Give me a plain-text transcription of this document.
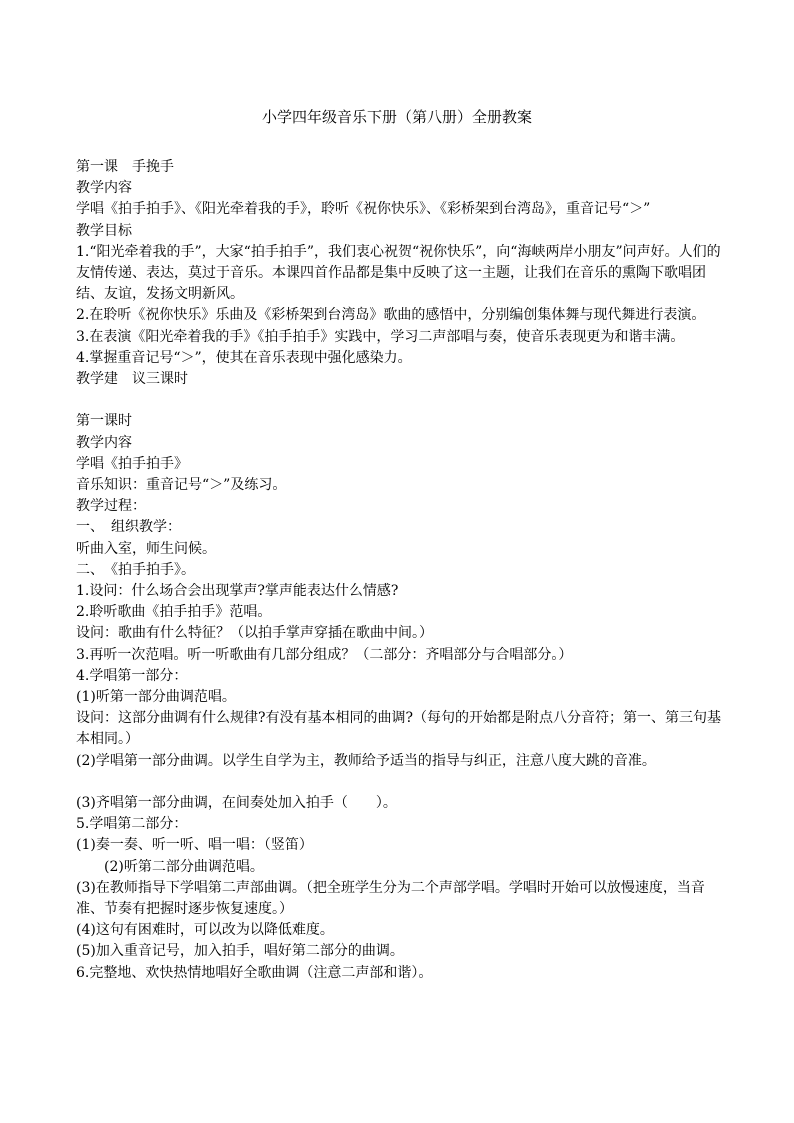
小学四年级音乐下册（第八册）全册教案
第一课　手挽手
教学内容
学唱《拍手拍手》、《阳光牵着我的手》，聆听《祝你快乐》、《彩桥架到台湾岛》，重音记号“＞”
教学目标
1.“阳光牵着我的手”，大家“拍手拍手”，我们衷心祝贺“祝你快乐”，向“海峡两岸小朋友”问声好。人们的友情传递、表达，莫过于音乐。本课四首作品都是集中反映了这一主题，让我们在音乐的熏陶下歌唱团结、友谊，发扬文明新风。
2.在聆听《祝你快乐》乐曲及《彩桥架到台湾岛》歌曲的感悟中，分别编创集体舞与现代舞进行表演。
3.在表演《阳光牵着我的手》《拍手拍手》实践中，学习二声部唱与奏，使音乐表现更为和谐丰满。
4.掌握重音记号“＞”，使其在音乐表现中强化感染力。
教学建　议三课时
第一课时
教学内容
学唱《拍手拍手》
音乐知识：重音记号“＞”及练习。
教学过程：
一、　组织教学：
听曲入室，师生问候。
二、　《拍手拍手》。
1.设问：什么场合会出现掌声?掌声能表达什么情感?
2.聆听歌曲《拍手拍手》范唱。
设问：歌曲有什么特征？（以拍手掌声穿插在歌曲中间。）
3.再听一次范唱。听一听歌曲有几部分组成？（二部分：齐唱部分与合唱部分。）
4.学唱第一部分：
(1)听第一部分曲调范唱。
设问：这部分曲调有什么规律?有没有基本相同的曲调?（每句的开始都是附点八分音符；第一、第三句基本相同。）
(2)学唱第一部分曲调。以学生自学为主，教师给予适当的指导与纠正，注意八度大跳的音准。
(3)齐唱第一部分曲调，在间奏处加入拍手（　　）。
5.学唱第二部分：
(1)奏一奏、听一听、唱一唱：（竖笛）
　　(2)听第二部分曲调范唱。
(3)在教师指导下学唱第二声部曲调。（把全班学生分为二个声部学唱。学唱时开始可以放慢速度，当音准、节奏有把握时逐步恢复速度。）
(4)这句有困难时，可以改为以降低难度。
(5)加入重音记号，加入拍手，唱好第二部分的曲调。
6.完整地、欢快热情地唱好全歌曲调（注意二声部和谐）。
